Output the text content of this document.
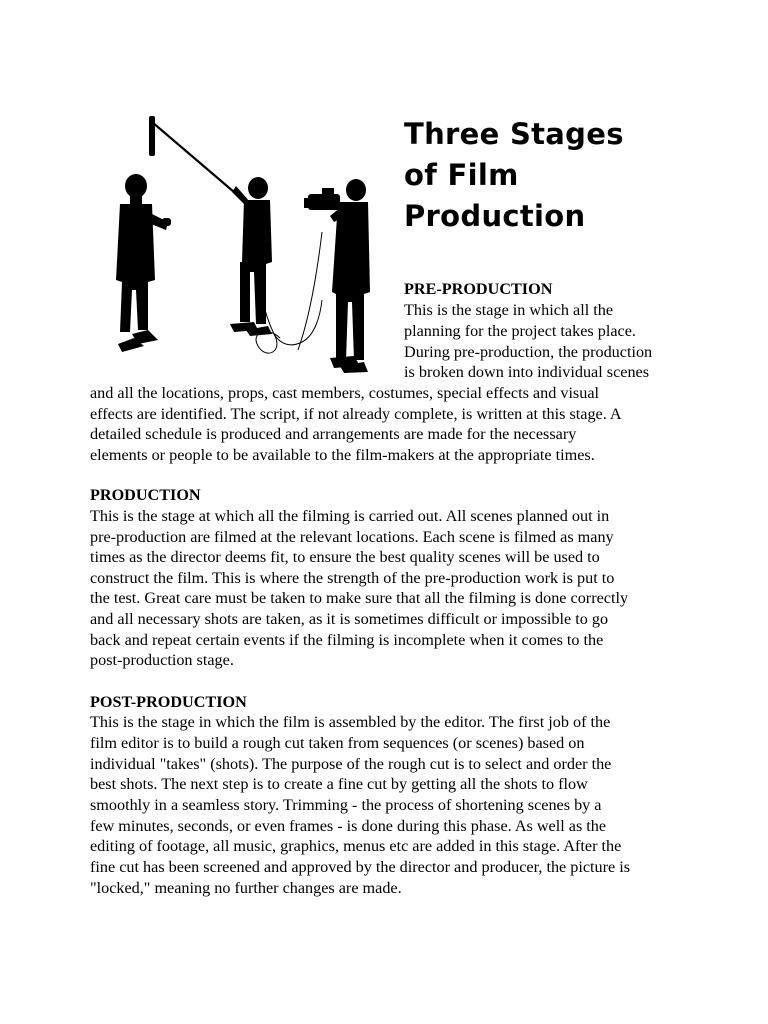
Three Stages
of Film
Production
PRE-PRODUCTION
This is the stage in which all the
planning for the project takes place.
During pre-production, the production
is broken down into individual scenes
and all the locations, props, cast members, costumes, special effects and visual
effects are identified. The script, if not already complete, is written at this stage. A
detailed schedule is produced and arrangements are made for the necessary
elements or people to be available to the film-makers at the appropriate times.
PRODUCTION
This is the stage at which all the filming is carried out. All scenes planned out in
pre-production are filmed at the relevant locations. Each scene is filmed as many
times as the director deems fit, to ensure the best quality scenes will be used to
construct the film. This is where the strength of the pre-production work is put to
the test. Great care must be taken to make sure that all the filming is done correctly
and all necessary shots are taken, as it is sometimes difficult or impossible to go
back and repeat certain events if the filming is incomplete when it comes to the
post-production stage.
POST-PRODUCTION
This is the stage in which the film is assembled by the editor. The first job of the
film editor is to build a rough cut taken from sequences (or scenes) based on
individual "takes" (shots). The purpose of the rough cut is to select and order the
best shots. The next step is to create a fine cut by getting all the shots to flow
smoothly in a seamless story. Trimming - the process of shortening scenes by a
few minutes, seconds, or even frames - is done during this phase. As well as the
editing of footage, all music, graphics, menus etc are added in this stage. After the
fine cut has been screened and approved by the director and producer, the picture is
"locked," meaning no further changes are made.
